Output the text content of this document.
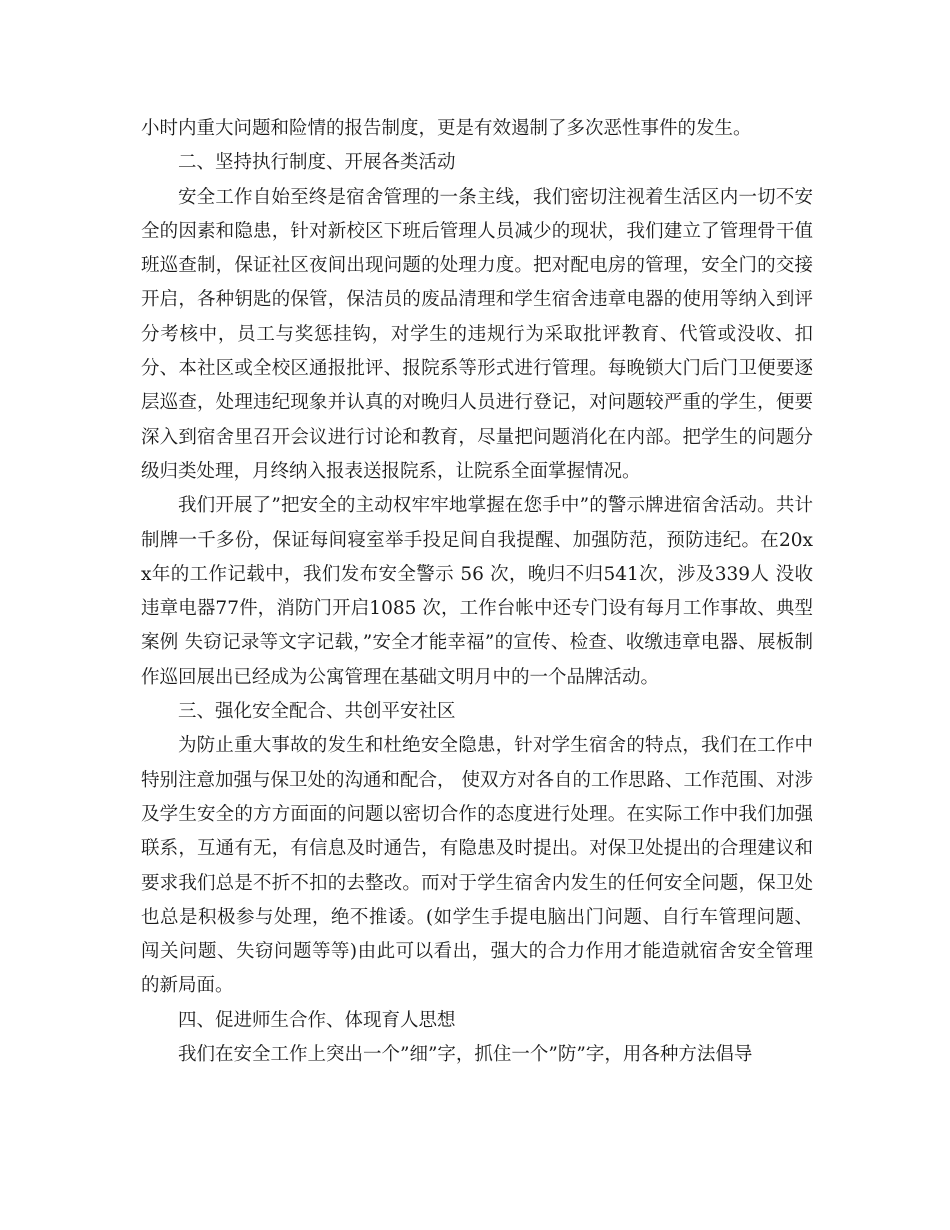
小时内重大问题和险情的报告制度，更是有效遏制了多次恶性事件的发生。

二、坚持执行制度、开展各类活动

安全工作自始至终是宿舍管理的一条主线，我们密切注视着生活区内一切不安全的因素和隐患，针对新校区下班后管理人员减少的现状，我们建立了管理骨干值班巡查制，保证社区夜间出现问题的处理力度。把对配电房的管理，安全门的交接开启，各种钥匙的保管，保洁员的废品清理和学生宿舍违章电器的使用等纳入到评分考核中，员工与奖惩挂钩，对学生的违规行为采取批评教育、代管或没收、扣分、本社区或全校区通报批评、报院系等形式进行管理。每晚锁大门后门卫便要逐层巡查，处理违纪现象并认真的对晚归人员进行登记，对问题较严重的学生，便要深入到宿舍里召开会议进行讨论和教育，尽量把问题消化在内部。把学生的问题分级归类处理，月终纳入报表送报院系，让院系全面掌握情况。

我们开展了”把安全的主动权牢牢地掌握在您手中”的警示牌进宿舍活动。共计制牌一千多份，保证每间寝室举手投足间自我提醒、加强防范，预防违纪。在20xx年的工作记载中，我们发布安全警示 56 次，晚归不归541次，涉及339人 没收违章电器77件，消防门开启1085 次，工作台帐中还专门设有每月工作事故、典型案例 失窃记录等文字记载，”安全才能幸福”的宣传、检查、收缴违章电器、展板制作巡回展出已经成为公寓管理在基础文明月中的一个品牌活动。

三、强化安全配合、共创平安社区

为防止重大事故的发生和杜绝安全隐患，针对学生宿舍的特点，我们在工作中特别注意加强与保卫处的沟通和配合， 使双方对各自的工作思路、工作范围、对涉及学生安全的方方面面的问题以密切合作的态度进行处理。在实际工作中我们加强联系，互通有无，有信息及时通告，有隐患及时提出。对保卫处提出的合理建议和要求我们总是不折不扣的去整改。而对于学生宿舍内发生的任何安全问题，保卫处也总是积极参与处理，绝不推诿。(如学生手提电脑出门问题、自行车管理问题、闯关问题、失窃问题等等)由此可以看出，强大的合力作用才能造就宿舍安全管理的新局面。

四、促进师生合作、体现育人思想

我们在安全工作上突出一个”细”字，抓住一个”防”字，用各种方法倡导
